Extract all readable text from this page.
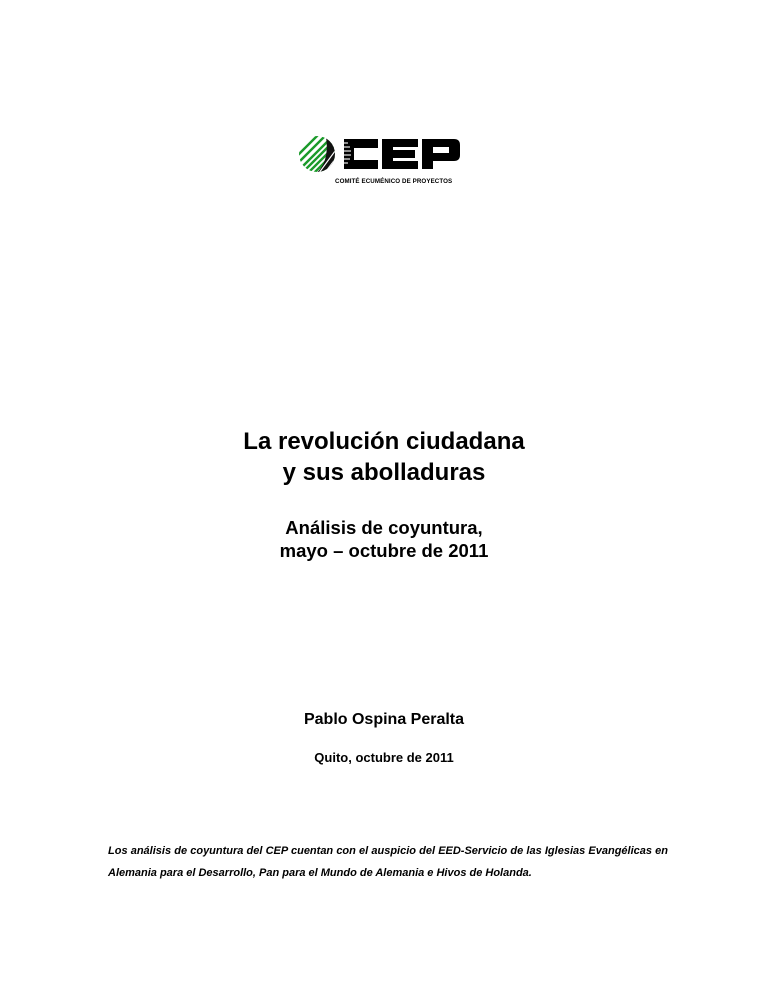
COMITÉ ECUMÉNICO DE PROYECTOS
La revolución ciudadana
y sus abolladuras
Análisis de coyuntura,
mayo – octubre de 2011
Pablo Ospina Peralta
Quito, octubre de 2011
Los análisis de coyuntura del CEP cuentan con el auspicio del EED-Servicio de las Iglesias Evangélicas en Alemania para el Desarrollo, Pan para el Mundo de Alemania e Hivos de Holanda.
